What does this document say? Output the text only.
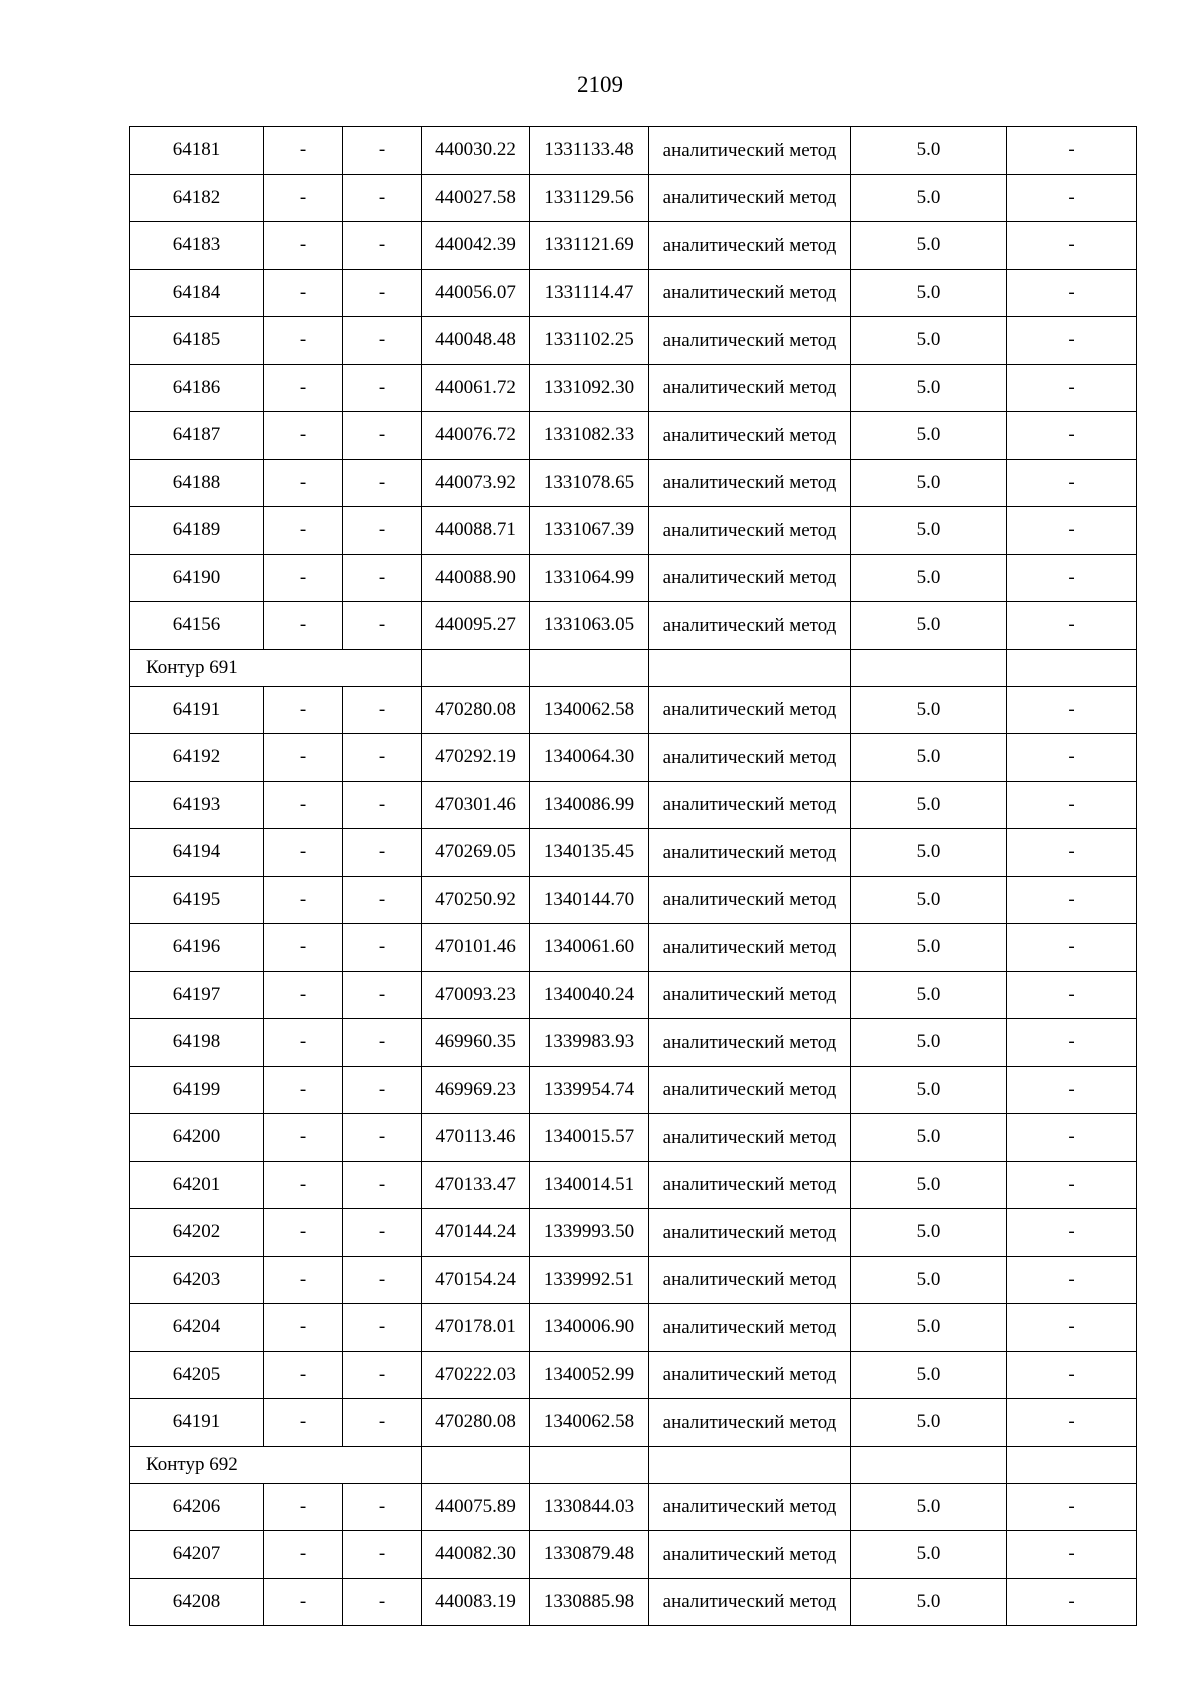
2109
64181	-	-	440030.22	1331133.48	аналитический метод	5.0	-
64182	-	-	440027.58	1331129.56	аналитический метод	5.0	-
64183	-	-	440042.39	1331121.69	аналитический метод	5.0	-
64184	-	-	440056.07	1331114.47	аналитический метод	5.0	-
64185	-	-	440048.48	1331102.25	аналитический метод	5.0	-
64186	-	-	440061.72	1331092.30	аналитический метод	5.0	-
64187	-	-	440076.72	1331082.33	аналитический метод	5.0	-
64188	-	-	440073.92	1331078.65	аналитический метод	5.0	-
64189	-	-	440088.71	1331067.39	аналитический метод	5.0	-
64190	-	-	440088.90	1331064.99	аналитический метод	5.0	-
64156	-	-	440095.27	1331063.05	аналитический метод	5.0	-
Контур 691							
64191	-	-	470280.08	1340062.58	аналитический метод	5.0	-
64192	-	-	470292.19	1340064.30	аналитический метод	5.0	-
64193	-	-	470301.46	1340086.99	аналитический метод	5.0	-
64194	-	-	470269.05	1340135.45	аналитический метод	5.0	-
64195	-	-	470250.92	1340144.70	аналитический метод	5.0	-
64196	-	-	470101.46	1340061.60	аналитический метод	5.0	-
64197	-	-	470093.23	1340040.24	аналитический метод	5.0	-
64198	-	-	469960.35	1339983.93	аналитический метод	5.0	-
64199	-	-	469969.23	1339954.74	аналитический метод	5.0	-
64200	-	-	470113.46	1340015.57	аналитический метод	5.0	-
64201	-	-	470133.47	1340014.51	аналитический метод	5.0	-
64202	-	-	470144.24	1339993.50	аналитический метод	5.0	-
64203	-	-	470154.24	1339992.51	аналитический метод	5.0	-
64204	-	-	470178.01	1340006.90	аналитический метод	5.0	-
64205	-	-	470222.03	1340052.99	аналитический метод	5.0	-
64191	-	-	470280.08	1340062.58	аналитический метод	5.0	-
Контур 692							
64206	-	-	440075.89	1330844.03	аналитический метод	5.0	-
64207	-	-	440082.30	1330879.48	аналитический метод	5.0	-
64208	-	-	440083.19	1330885.98	аналитический метод	5.0	-
